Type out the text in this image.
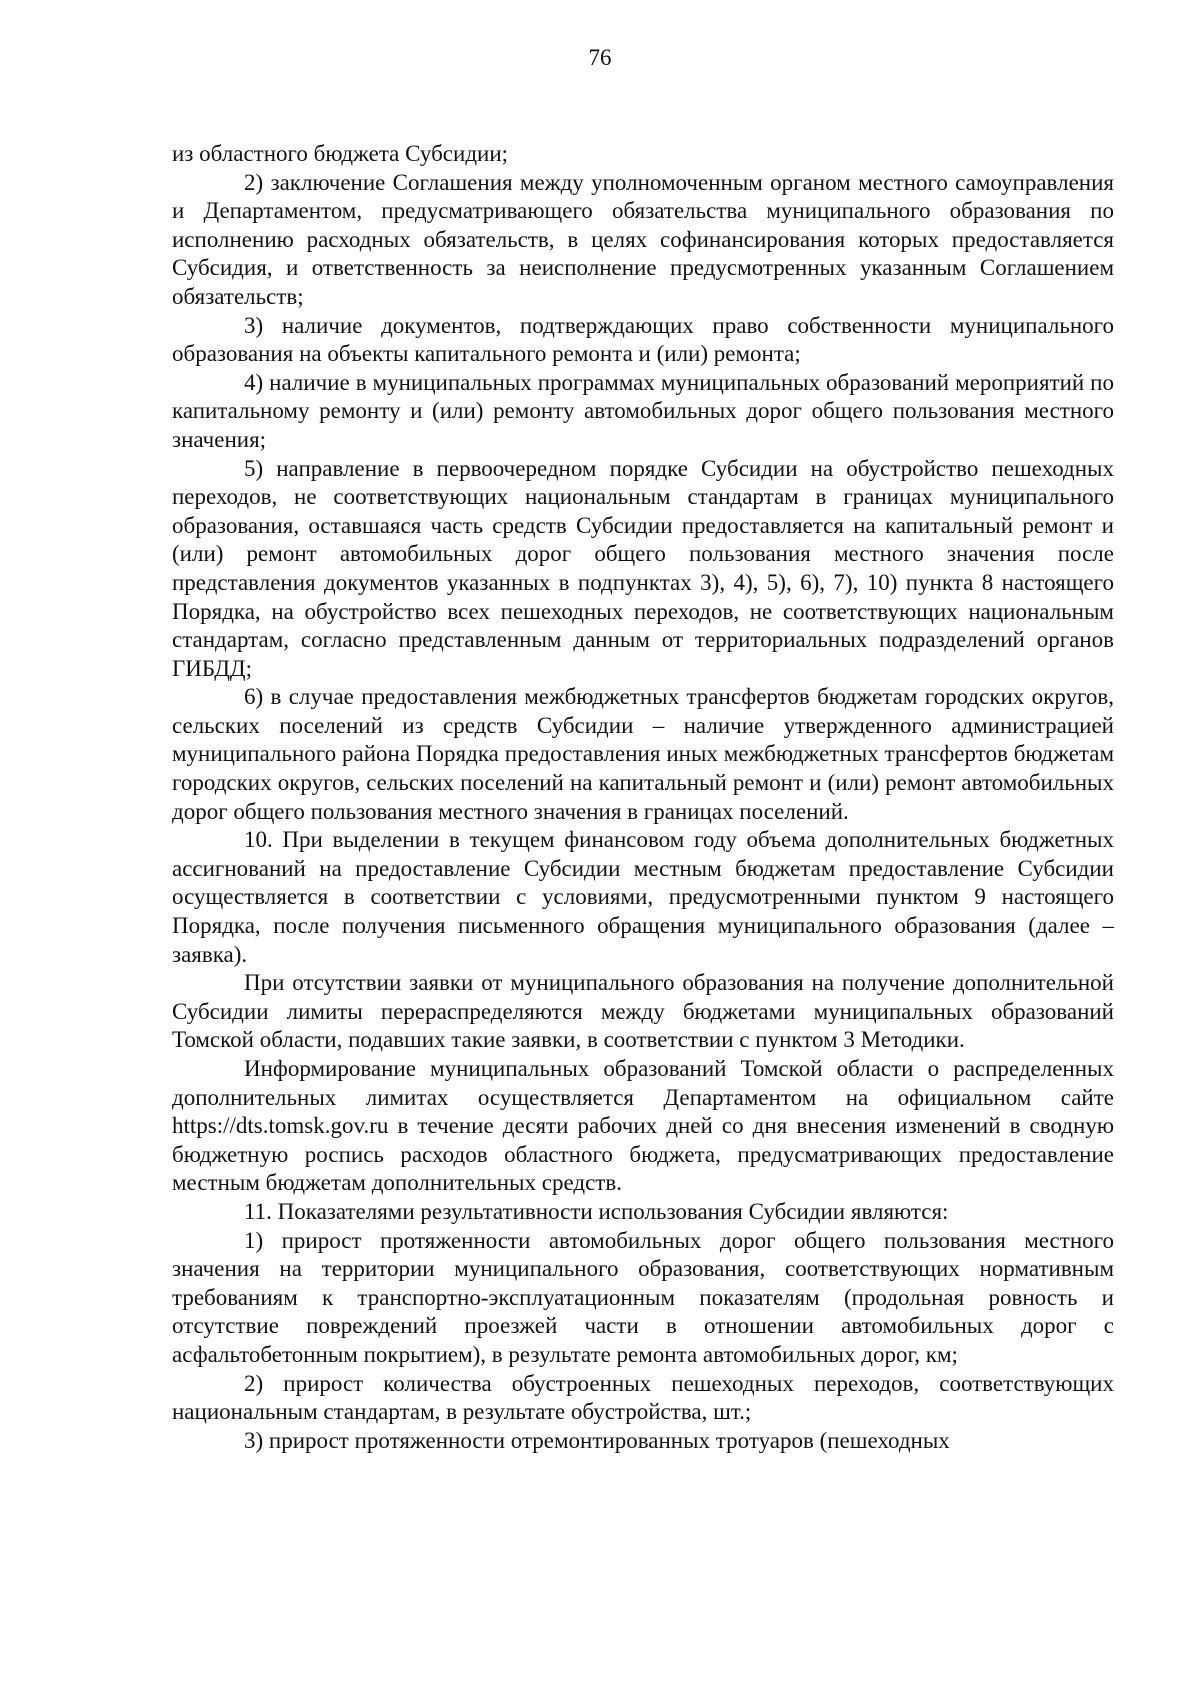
76

из областного бюджета Субсидии;

2) заключение Соглашения между уполномоченным органом местного самоуправления и Департаментом, предусматривающего обязательства муниципального образования по исполнению расходных обязательств, в целях софинансирования которых предоставляется Субсидия, и ответственность за неисполнение предусмотренных указанным Соглашением обязательств;

3) наличие документов, подтверждающих право собственности муниципального образования на объекты капитального ремонта и (или) ремонта;

4) наличие в муниципальных программах муниципальных образований мероприятий по капитальному ремонту и (или) ремонту автомобильных дорог общего пользования местного значения;

5) направление в первоочередном порядке Субсидии на обустройство пешеходных переходов, не соответствующих национальным стандартам в границах муниципального образования, оставшаяся часть средств Субсидии предоставляется на капитальный ремонт и (или) ремонт автомобильных дорог общего пользования местного значения после представления документов указанных в подпунктах 3), 4), 5), 6), 7), 10) пункта 8 настоящего Порядка, на обустройство всех пешеходных переходов, не соответствующих национальным стандартам, согласно представленным данным от территориальных подразделений органов ГИБДД;

6) в случае предоставления межбюджетных трансфертов бюджетам городских округов, сельских поселений из средств Субсидии – наличие утвержденного администрацией муниципального района Порядка предоставления иных межбюджетных трансфертов бюджетам городских округов, сельских поселений на капитальный ремонт и (или) ремонт автомобильных дорог общего пользования местного значения в границах поселений.

10. При выделении в текущем финансовом году объема дополнительных бюджетных ассигнований на предоставление Субсидии местным бюджетам предоставление Субсидии осуществляется в соответствии с условиями, предусмотренными пунктом 9 настоящего Порядка, после получения письменного обращения муниципального образования (далее – заявка).

При отсутствии заявки от муниципального образования на получение дополнительной Субсидии лимиты перераспределяются между бюджетами муниципальных образований Томской области, подавших такие заявки, в соответствии с пунктом 3 Методики.

Информирование муниципальных образований Томской области о распределенных дополнительных лимитах осуществляется Департаментом на официальном сайте https://dts.tomsk.gov.ru в течение десяти рабочих дней со дня внесения изменений в сводную бюджетную роспись расходов областного бюджета, предусматривающих предоставление местным бюджетам дополнительных средств.

11. Показателями результативности использования Субсидии являются:

1) прирост протяженности автомобильных дорог общего пользования местного значения на территории муниципального образования, соответствующих нормативным требованиям к транспортно-эксплуатационным показателям (продольная ровность и отсутствие повреждений проезжей части в отношении автомобильных дорог с асфальтобетонным покрытием), в результате ремонта автомобильных дорог, км;

2) прирост количества обустроенных пешеходных переходов, соответствующих национальным стандартам, в результате обустройства, шт.;

3) прирост протяженности отремонтированных тротуаров (пешеходных
